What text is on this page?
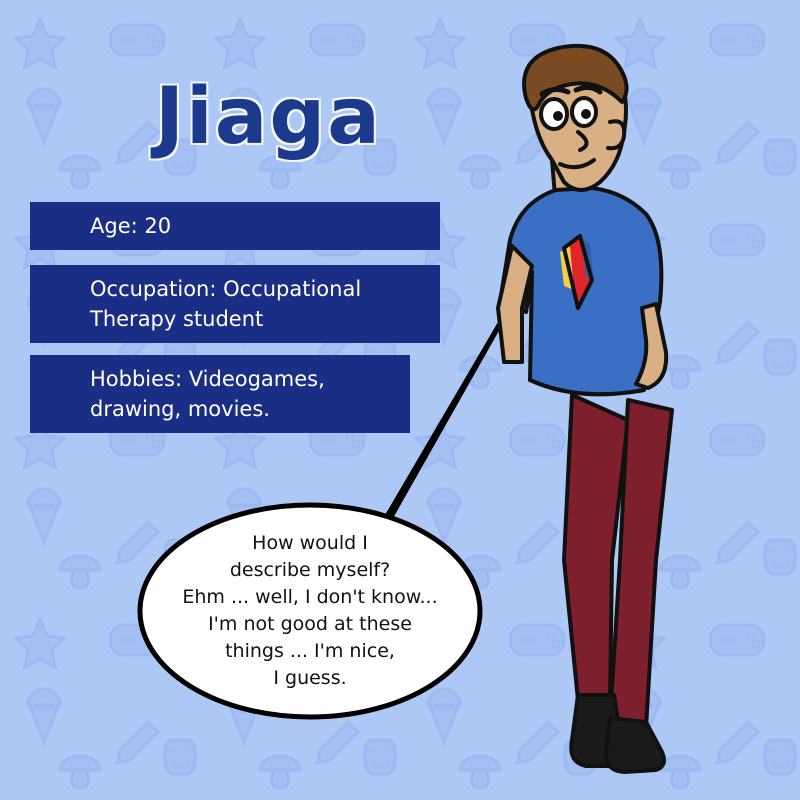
Jiaga
Age: 20
Occupation: Occupational
Therapy student
Hobbies: Videogames,
drawing, movies.
How would I
describe myself?
Ehm ... well, I don't know...
I'm not good at these
things ... I'm nice,
I guess.
